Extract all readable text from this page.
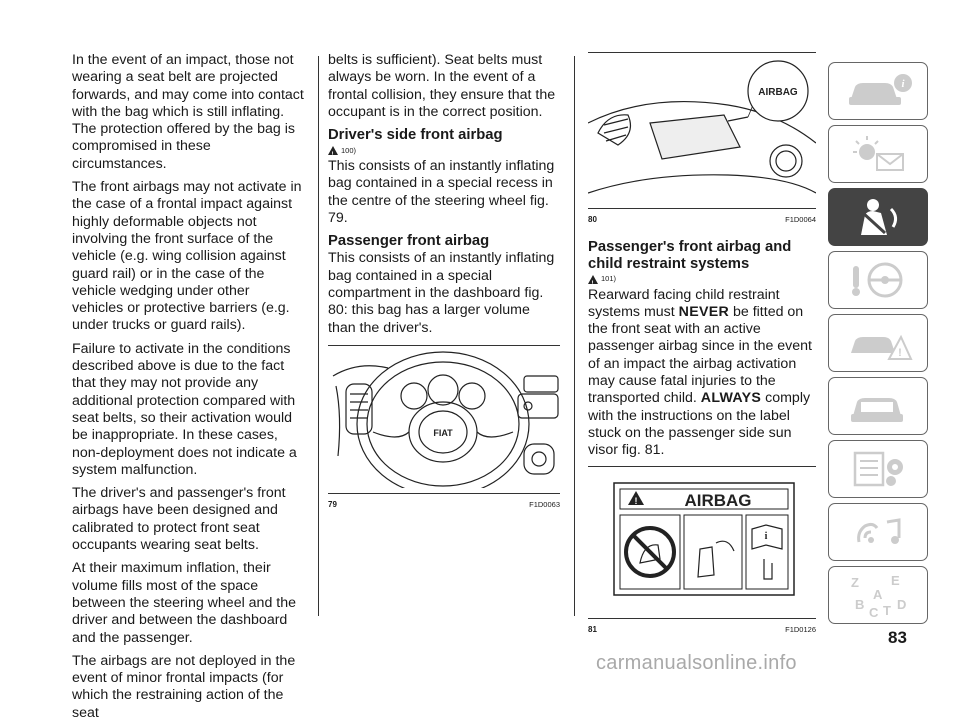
In the event of an impact, those not wearing a seat belt are projected forwards, and may come into contact with the bag which is still inflating. The protection offered by the bag is compromised in these circumstances.

The front airbags may not activate in the case of a frontal impact against highly deformable objects not involving the front surface of the vehicle (e.g. wing collision against guard rail) or in the case of the vehicle wedging under other vehicles or protective barriers (e.g. under trucks or guard rails).

Failure to activate in the conditions described above is due to the fact that they may not provide any additional protection compared with seat belts, so their activation would be inappropriate. In these cases, non-deployment does not indicate a system malfunction.

The driver's and passenger's front airbags have been designed and calibrated to protect front seat occupants wearing seat belts.

At their maximum inflation, their volume fills most of the space between the steering wheel and the driver and between the dashboard and the passenger.

The airbags are not deployed in the event of minor frontal impacts (for which the restraining action of the seat

belts is sufficient). Seat belts must always be worn. In the event of a frontal collision, they ensure that the occupant is in the correct position.

Driver's side front airbag
!
100)

This consists of an instantly inflating bag contained in a special recess in the centre of the steering wheel fig. 79.

Passenger front airbag

This consists of an instantly inflating bag contained in a special compartment in the dashboard fig. 80: this bag has a larger volume than the driver's.

FIAT
79	F1D0063
AIRBAG
80	F1D0064
Passenger's front airbag and child restraint systems
!
101)

Rearward facing child restraint systems must NEVER be fitted on the front seat with an active passenger airbag since in the event of an impact the airbag activation may cause fatal injuries to the transported child. ALWAYS comply with the instructions on the label stuck on the passenger side sun visor fig. 81.

!	AIRBAG
i
81	F1D0126
i
!
Z E
A
B
C T D
83
carmanualsonline.info
